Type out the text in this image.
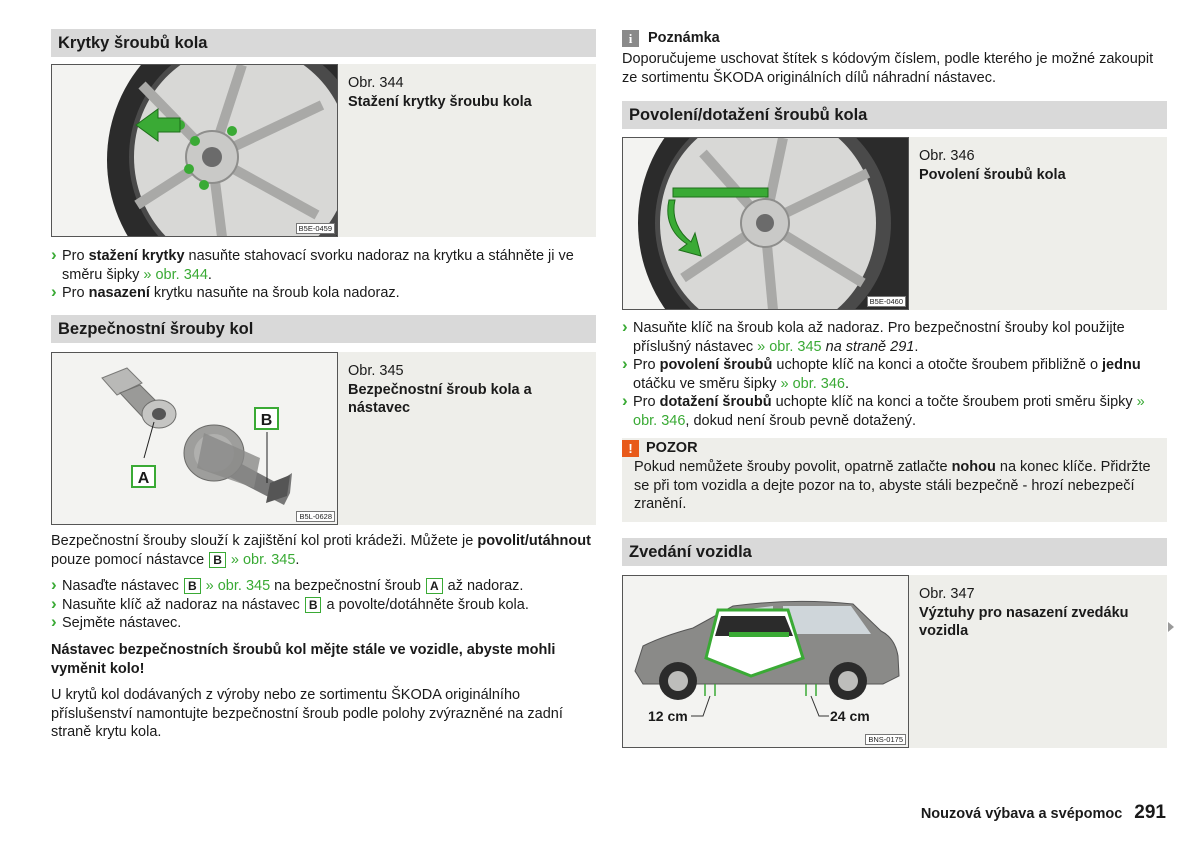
Krytky šroubů kola
B5E-0459
Obr. 344
Stažení krytky šroubu kola
› Pro stažení krytky nasuňte stahovací svorku nadoraz na krytku a stáhněte ji ve směru šipky » obr. 344.
› Pro nasazení krytku nasuňte na šroub kola nadoraz.
Bezpečnostní šrouby kol
A
B
B5L-0628
Obr. 345
Bezpečnostní šroub kola a nástavec
Bezpečnostní šrouby slouží k zajištění kol proti krádeži. Můžete je povolit/utáhnout pouze pomocí nástavce B » obr. 345.
› Nasaďte nástavec B » obr. 345 na bezpečnostní šroub A až nadoraz.
› Nasuňte klíč až nadoraz na nástavec B a povolte/dotáhněte šroub kola.
› Sejměte nástavec.
Nástavec bezpečnostních šroubů kol mějte stále ve vozidle, abyste mohli vyměnit kolo!
U krytů kol dodávaných z výroby nebo ze sortimentu ŠKODA originálního příslušenství namontujte bezpečnostní šroub podle polohy zvýrazněné na zadní straně krytu kola.
i Poznámka
Doporučujeme uschovat štítek s kódovým číslem, podle kterého je možné zakoupit ze sortimentu ŠKODA originálních dílů náhradní nástavec.
Povolení/dotažení šroubů kola
B5E-0460
Obr. 346
Povolení šroubů kola
› Nasuňte klíč na šroub kola až nadoraz. Pro bezpečnostní šrouby kol použijte příslušný nástavec » obr. 345 na straně 291.
› Pro povolení šroubů uchopte klíč na konci a otočte šroubem přibližně o jednu otáčku ve směru šipky » obr. 346.
› Pro dotažení šroubů uchopte klíč na konci a točte šroubem proti směru šipky » obr. 346, dokud není šroub pevně dotažený.
! POZOR
Pokud nemůžete šrouby povolit, opatrně zatlačte nohou na konec klíče. Přidržte se při tom vozidla a dejte pozor na to, abyste stáli bezpečně - hrozí nebezpečí zranění.
Zvedání vozidla
12 cm	24 cm
BNS-0175
Obr. 347
Výztuhy pro nasazení zvedáku vozidla
Nouzová výbava a svépomoc 291
